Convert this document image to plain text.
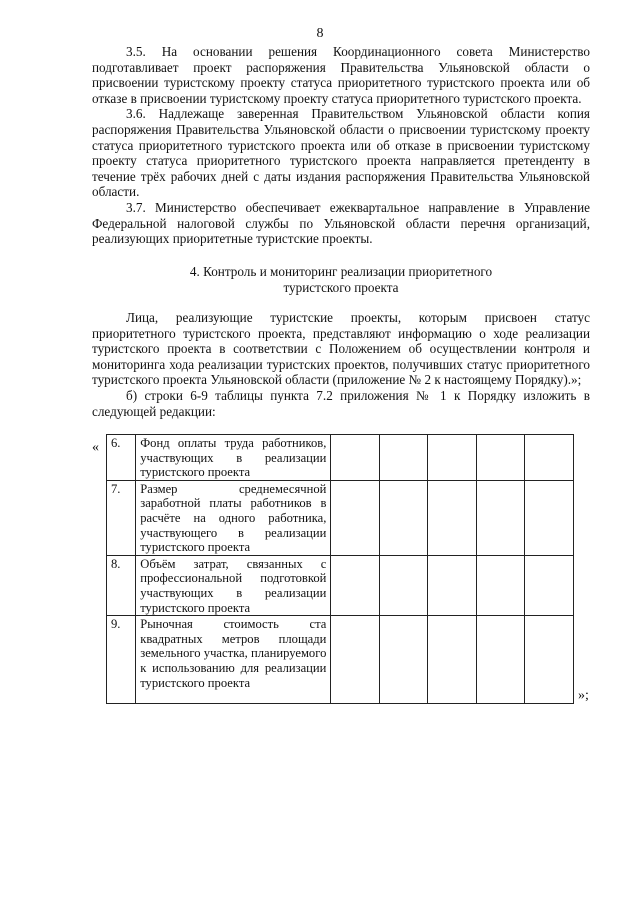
8

3.5. На основании решения Координационного совета Министерство подготавливает проект распоряжения Правительства Ульяновской области о присвоении туристскому проекту статуса приоритетного туристского проекта или об отказе в присвоении туристскому проекту статуса приоритетного туристского проекта.

3.6. Надлежаще заверенная Правительством Ульяновской области копия распоряжения Правительства Ульяновской области о присвоении туристскому проекту статуса приоритетного туристского проекта или об отказе в присвоении туристскому проекту статуса приоритетного туристского проекта направляется претенденту в течение трёх рабочих дней с даты издания распоряжения Правительства Ульяновской области.

3.7. Министерство обеспечивает ежеквартальное направление в Управление Федеральной налоговой службы по Ульяновской области перечня организаций, реализующих приоритетные туристские проекты.

4. Контроль и мониторинг реализации приоритетного
туристского проекта

Лица, реализующие туристские проекты, которым присвоен статус приоритетного туристского проекта, представляют информацию о ходе реализации туристского проекта в соответствии с Положением об осуществлении контроля и мониторинга хода реализации туристских проектов, получивших статус приоритетного туристского проекта Ульяновской области (приложение № 2 к настоящему Порядку).»;

б) строки 6-9 таблицы пункта 7.2 приложения № 1 к Порядку изложить в следующей редакции:

« 6.	Фонд оплаты труда работников, участвующих в реализации туристского проекта					
7.	Размер среднемесячной заработной платы работников в расчёте на одного работника, участвующего в реализации туристского проекта					
8.	Объём затрат, связанных с профессиональной подготовкой участвующих в реализации туристского проекта					
9.	Рыночная стоимость ста квадратных метров площади земельного участка, планируемого к использованию для реализации туристского проекта					
»;
